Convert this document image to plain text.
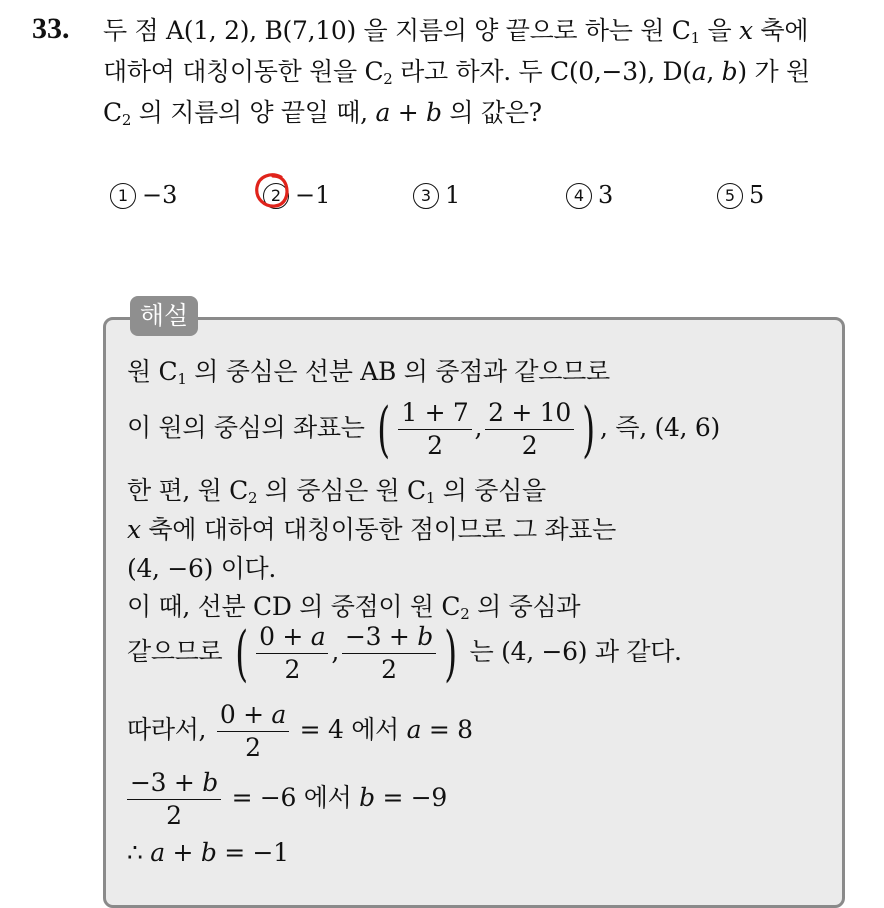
33. 두 점 A(1, 2), B(7,10) 을 지름의 양 끝으로 하는 원 $C_1$ 을 x 축에
대하여 대칭이동한 원을 $C_2$ 라고 하자. 두 C(0,−3), D(a, b) 가 원
$C_2$ 의 지름의 양 끝일 때, a + b 의 값은?
1 −3	2 −1	3 1	4 3	5 5
해설
원 $C_1$ 의 중심은 선분 AB 의 중점과 같으므로
이 원의 중심의 좌표는 ( $\frac{1 + 7}{2}$ , $\frac{2 + 10}{2}$ ) , 즉, (4, 6)
한 편, 원 $C_2$ 의 중심은 원 $C_1$ 의 중심을
x 축에 대하여 대칭이동한 점이므로 그 좌표는
(4, −6) 이다.
이 때, 선분 CD 의 중점이 원 $C_2$ 의 중심과
같으므로 ( $\frac{0 + a}{2}$ , $\frac{-3 + b}{2}$ ) 는 (4, −6) 과 같다.
따라서, $\frac{0 + a}{2} = 4$ 에서 a = 8
$\frac{-3 + b}{2} = -6$ 에서 b = −9
∴ a + b = −1
